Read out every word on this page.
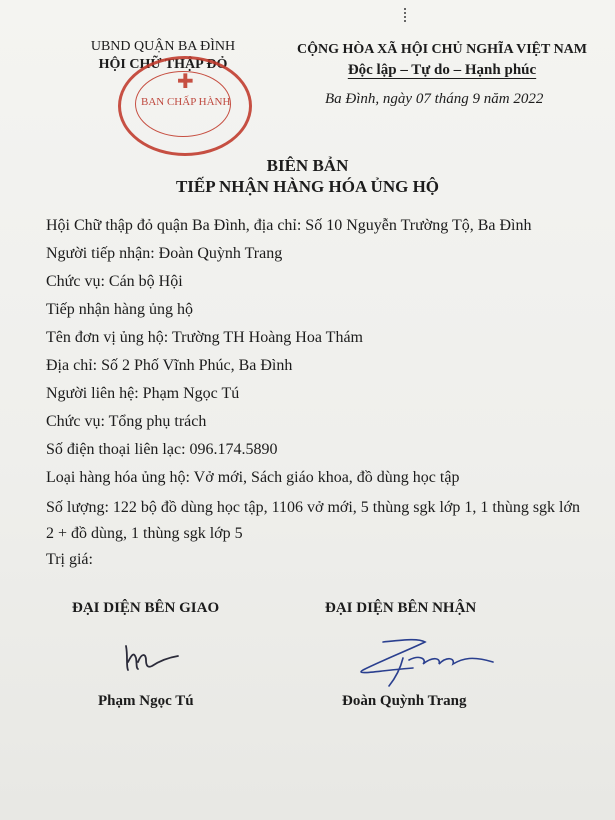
UBND QUẬN BA ĐÌNH
HỘI CHỮ THẬP ĐỎ
✚
BAN CHẤP HÀNH
CỘNG HÒA XÃ HỘI CHỦ NGHĨA VIỆT NAM
Độc lập – Tự do – Hạnh phúc
Ba Đình, ngày 07 tháng 9 năm 2022
BIÊN BẢN
TIẾP NHẬN HÀNG HÓA ỦNG HỘ
Hội Chữ thập đỏ quận Ba Đình, địa chỉ: Số 10 Nguyễn Trường Tộ, Ba Đình
Người tiếp nhận: Đoàn Quỳnh Trang
Chức vụ: Cán bộ Hội
Tiếp nhận hàng ủng hộ
Tên đơn vị ủng hộ: Trường TH Hoàng Hoa Thám
Địa chỉ: Số 2 Phố Vĩnh Phúc, Ba Đình
Người liên hệ: Phạm Ngọc Tú
Chức vụ: Tổng phụ trách
Số điện thoại liên lạc: 096.174.5890
Loại hàng hóa ủng hộ: Vở mới, Sách giáo khoa, đồ dùng học tập
Số lượng: 122 bộ đồ dùng học tập, 1106 vở mới, 5 thùng sgk lớp 1, 1 thùng sgk lớn 2 + đồ dùng, 1 thùng sgk lớp 5
Trị giá:
ĐẠI DIỆN BÊN GIAO	ĐẠI DIỆN BÊN NHẬN
Phạm Ngọc Tú	Đoàn Quỳnh Trang
